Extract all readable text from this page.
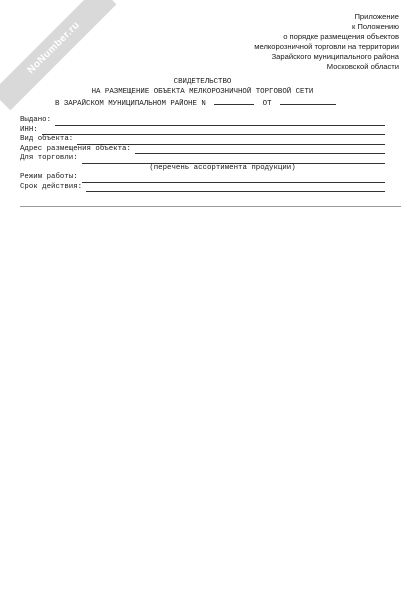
NoNumber.ru
Приложение
к Положению
о порядке размещения объектов
мелкорозничной торговли на территории
Зарайского муниципального района
Московской области
СВИДЕТЕЛЬСТВО
НА РАЗМЕЩЕНИЕ ОБЪЕКТА МЕЛКОРОЗНИЧНОЙ ТОРГОВОЙ СЕТИ
В ЗАРАЙСКОМ МУНИЦИПАЛЬНОМ РАЙОНЕ N	ОТ
Выдано:
ИНН:
Вид объекта:
Адрес размещения объекта:
Для торговли:
(перечень ассортимента продукции)
Режим работы:
Срок действия:
